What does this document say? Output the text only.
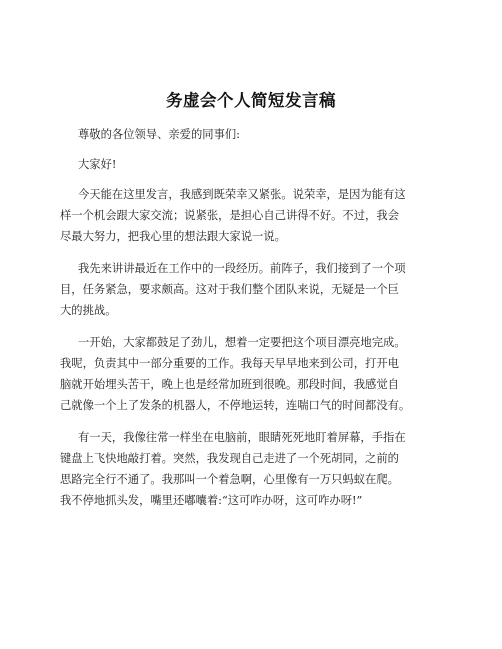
务虚会个人简短发言稿
尊敬的各位领导、亲爱的同事们:
大家好!
今天能在这里发言，我感到既荣幸又紧张。说荣幸，是因为能有这
样一个机会跟大家交流；说紧张，是担心自己讲得不好。不过，我会
尽最大努力，把我心里的想法跟大家说一说。
我先来讲讲最近在工作中的一段经历。前阵子，我们接到了一个项
目，任务紧急，要求颇高。这对于我们整个团队来说，无疑是一个巨
大的挑战。
一开始，大家都鼓足了劲儿，想着一定要把这个项目漂亮地完成。
我呢，负责其中一部分重要的工作。我每天早早地来到公司，打开电
脑就开始埋头苦干，晚上也是经常加班到很晚。那段时间，我感觉自
己就像一个上了发条的机器人，不停地运转，连喘口气的时间都没有。
有一天，我像往常一样坐在电脑前，眼睛死死地盯着屏幕，手指在
键盘上飞快地敲打着。突然，我发现自己走进了一个死胡同，之前的
思路完全行不通了。我那叫一个着急啊，心里像有一万只蚂蚁在爬。
我不停地抓头发，嘴里还嘟囔着:“这可咋办呀，这可咋办呀!”
